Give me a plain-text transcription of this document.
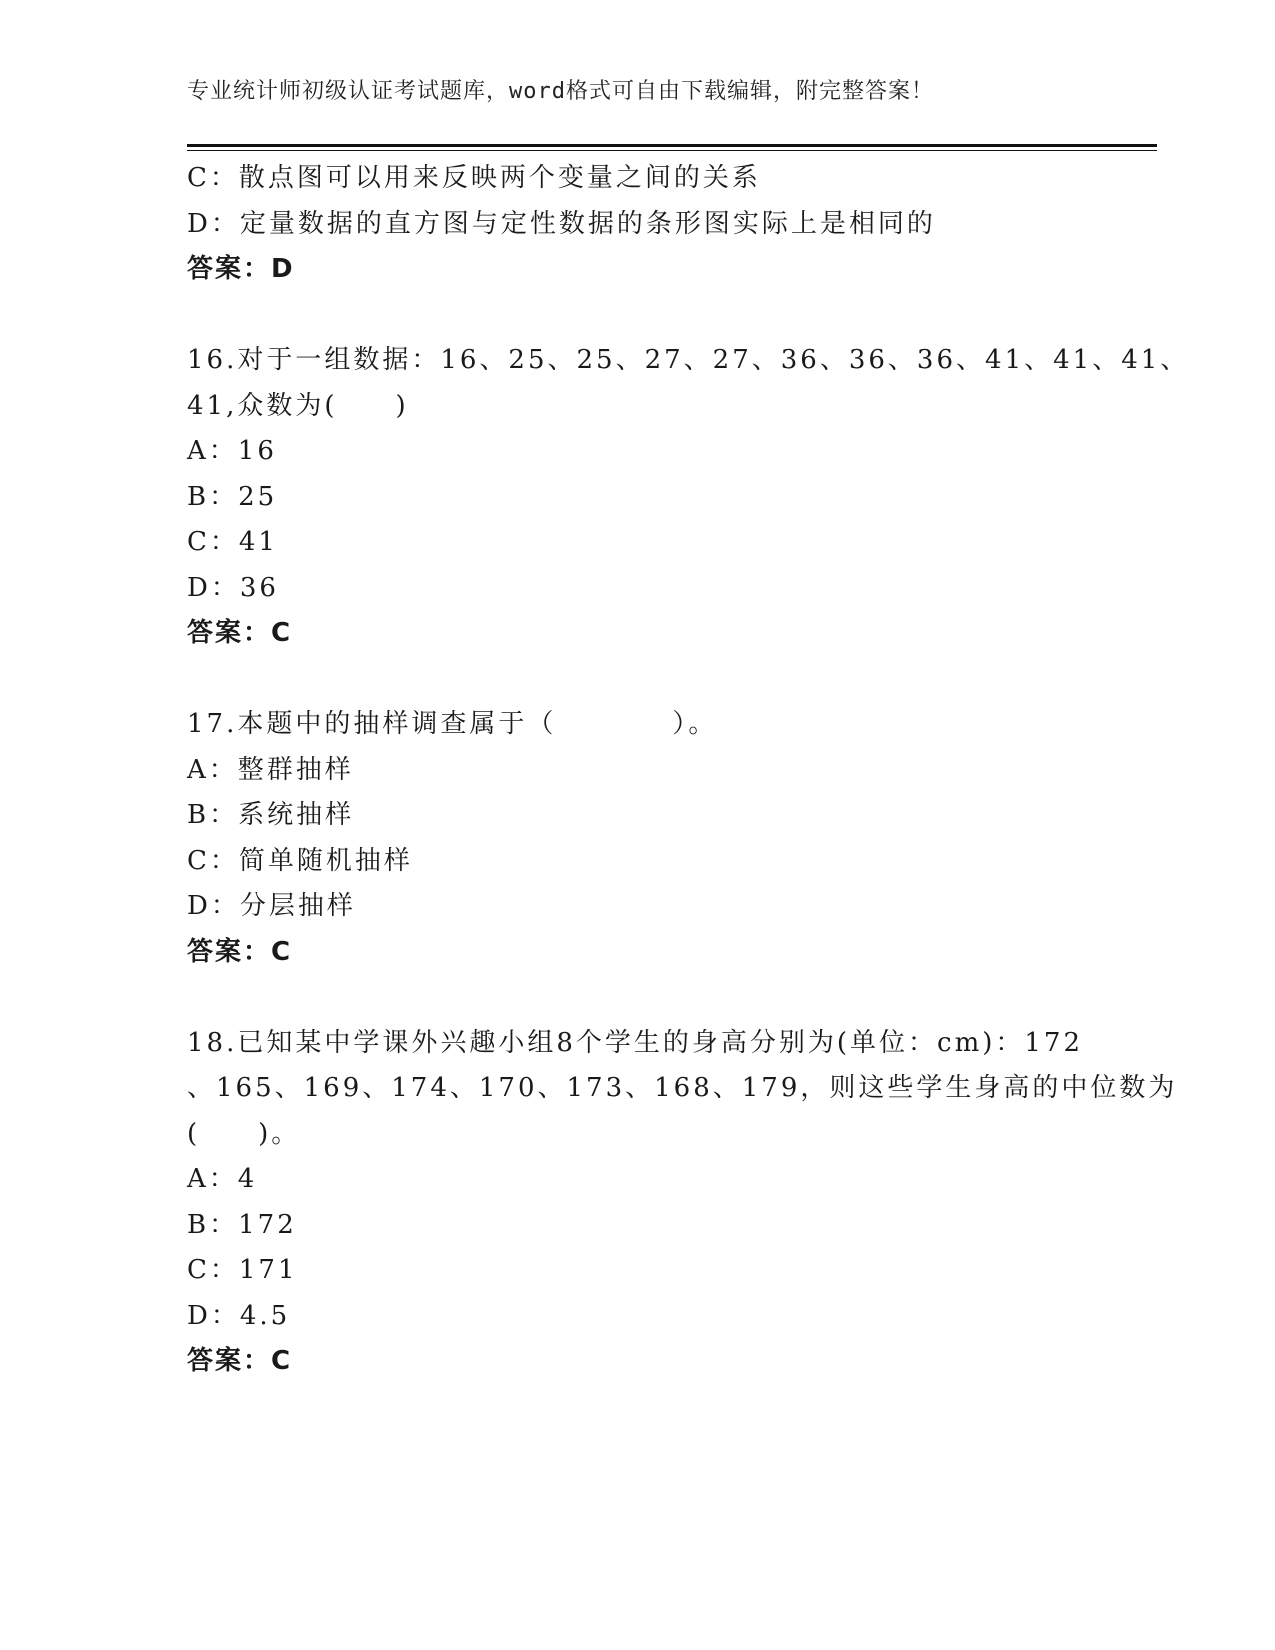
专业统计师初级认证考试题库，word格式可自由下载编辑，附完整答案！

C：散点图可以用来反映两个变量之间的关系

D：定量数据的直方图与定性数据的条形图实际上是相同的

答案：D

16.对于一组数据：16、25、25、27、27、36、36、36、41、41、41、

41,众数为(　　)

A：16

B：25

C：41

D：36

答案：C

17.本题中的抽样调查属于（　　　　）。

A：整群抽样

B：系统抽样

C：简单随机抽样

D：分层抽样

答案：C

18.已知某中学课外兴趣小组8个学生的身高分别为(单位：cm)：172

、165、169、174、170、173、168、179，则这些学生身高的中位数为

(　　)。

A：4

B：172

C：171

D：4.5

答案：C
